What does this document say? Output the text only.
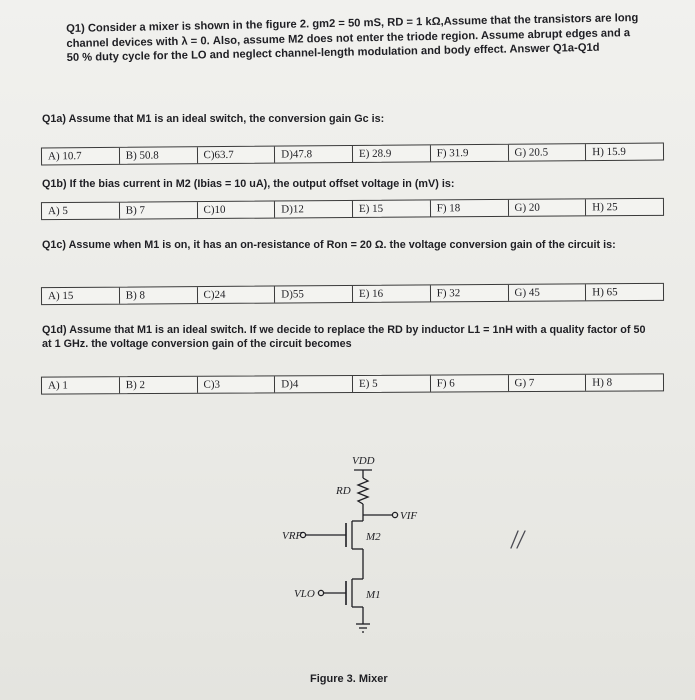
Q1) Consider a mixer is shown in the figure 2. gm2 = 50 mS, RD = 1 kΩ,Assume that the transistors are long channel devices with λ = 0. Also, assume M2 does not enter the triode region. Assume abrupt edges and a 50 % duty cycle for the LO and neglect channel-length modulation and body effect. Answer Q1a-Q1d

Q1a) Assume that M1 is an ideal switch, the conversion gain Gc is:

A) 10.7	B) 50.8	C)63.7	D)47.8	E) 28.9	F) 31.9	G) 20.5	H) 15.9

Q1b) If the bias current in M2 (Ibias = 10 uA), the output offset voltage in (mV) is:

A) 5	B) 7	C)10	D)12	E) 15	F) 18	G) 20	H) 25

Q1c) Assume when M1 is on, it has an on-resistance of Ron = 20 Ω. the voltage conversion gain of the circuit is:

A) 15	B) 8	C)24	D)55	E) 16	F) 32	G) 45	H) 65

Q1d) Assume that M1 is an ideal switch. If we decide to replace the RD by inductor L1 = 1nH with a quality factor of 50 at 1 GHz. the voltage conversion gain of the circuit becomes

A) 1	B) 2	C)3	D)4	E) 5	F) 6	G) 7	H) 8
VDD
RD
VIF
VRF	M2
VLO	M1
Figure 3. Mixer
